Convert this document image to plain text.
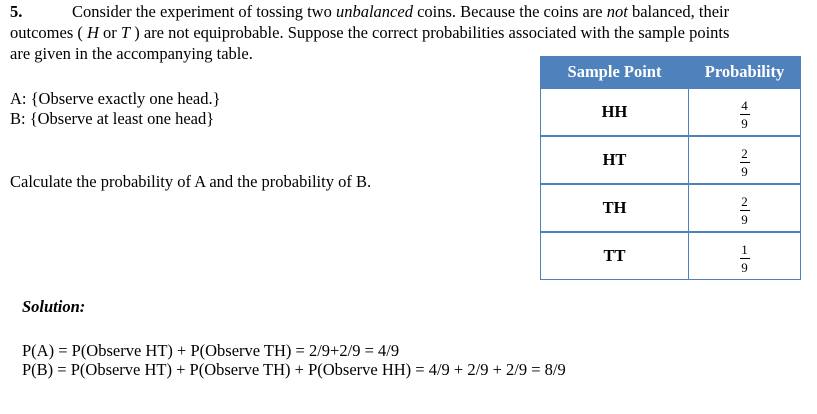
5.	Consider the experiment of tossing two unbalanced coins. Because the coins are not balanced, their
outcomes ( H or T ) are not equiprobable. Suppose the correct probabilities associated with the sample points
are given in the accompanying table.
A: {Observe exactly one head.}
B: {Observe at least one head}
Calculate the probability of A and the probability of B.
Sample Point	Probability
HH	$\frac{4}{9}$

HT	$\frac{2}{9}$

TH	$\frac{2}{9}$

TT	$\frac{1}{9}$
Solution:
P(A) = P(Observe HT) + P(Observe TH) = 2/9+2/9 = 4/9
P(B) = P(Observe HT) + P(Observe TH) + P(Observe HH) = 4/9 + 2/9 + 2/9 = 8/9
